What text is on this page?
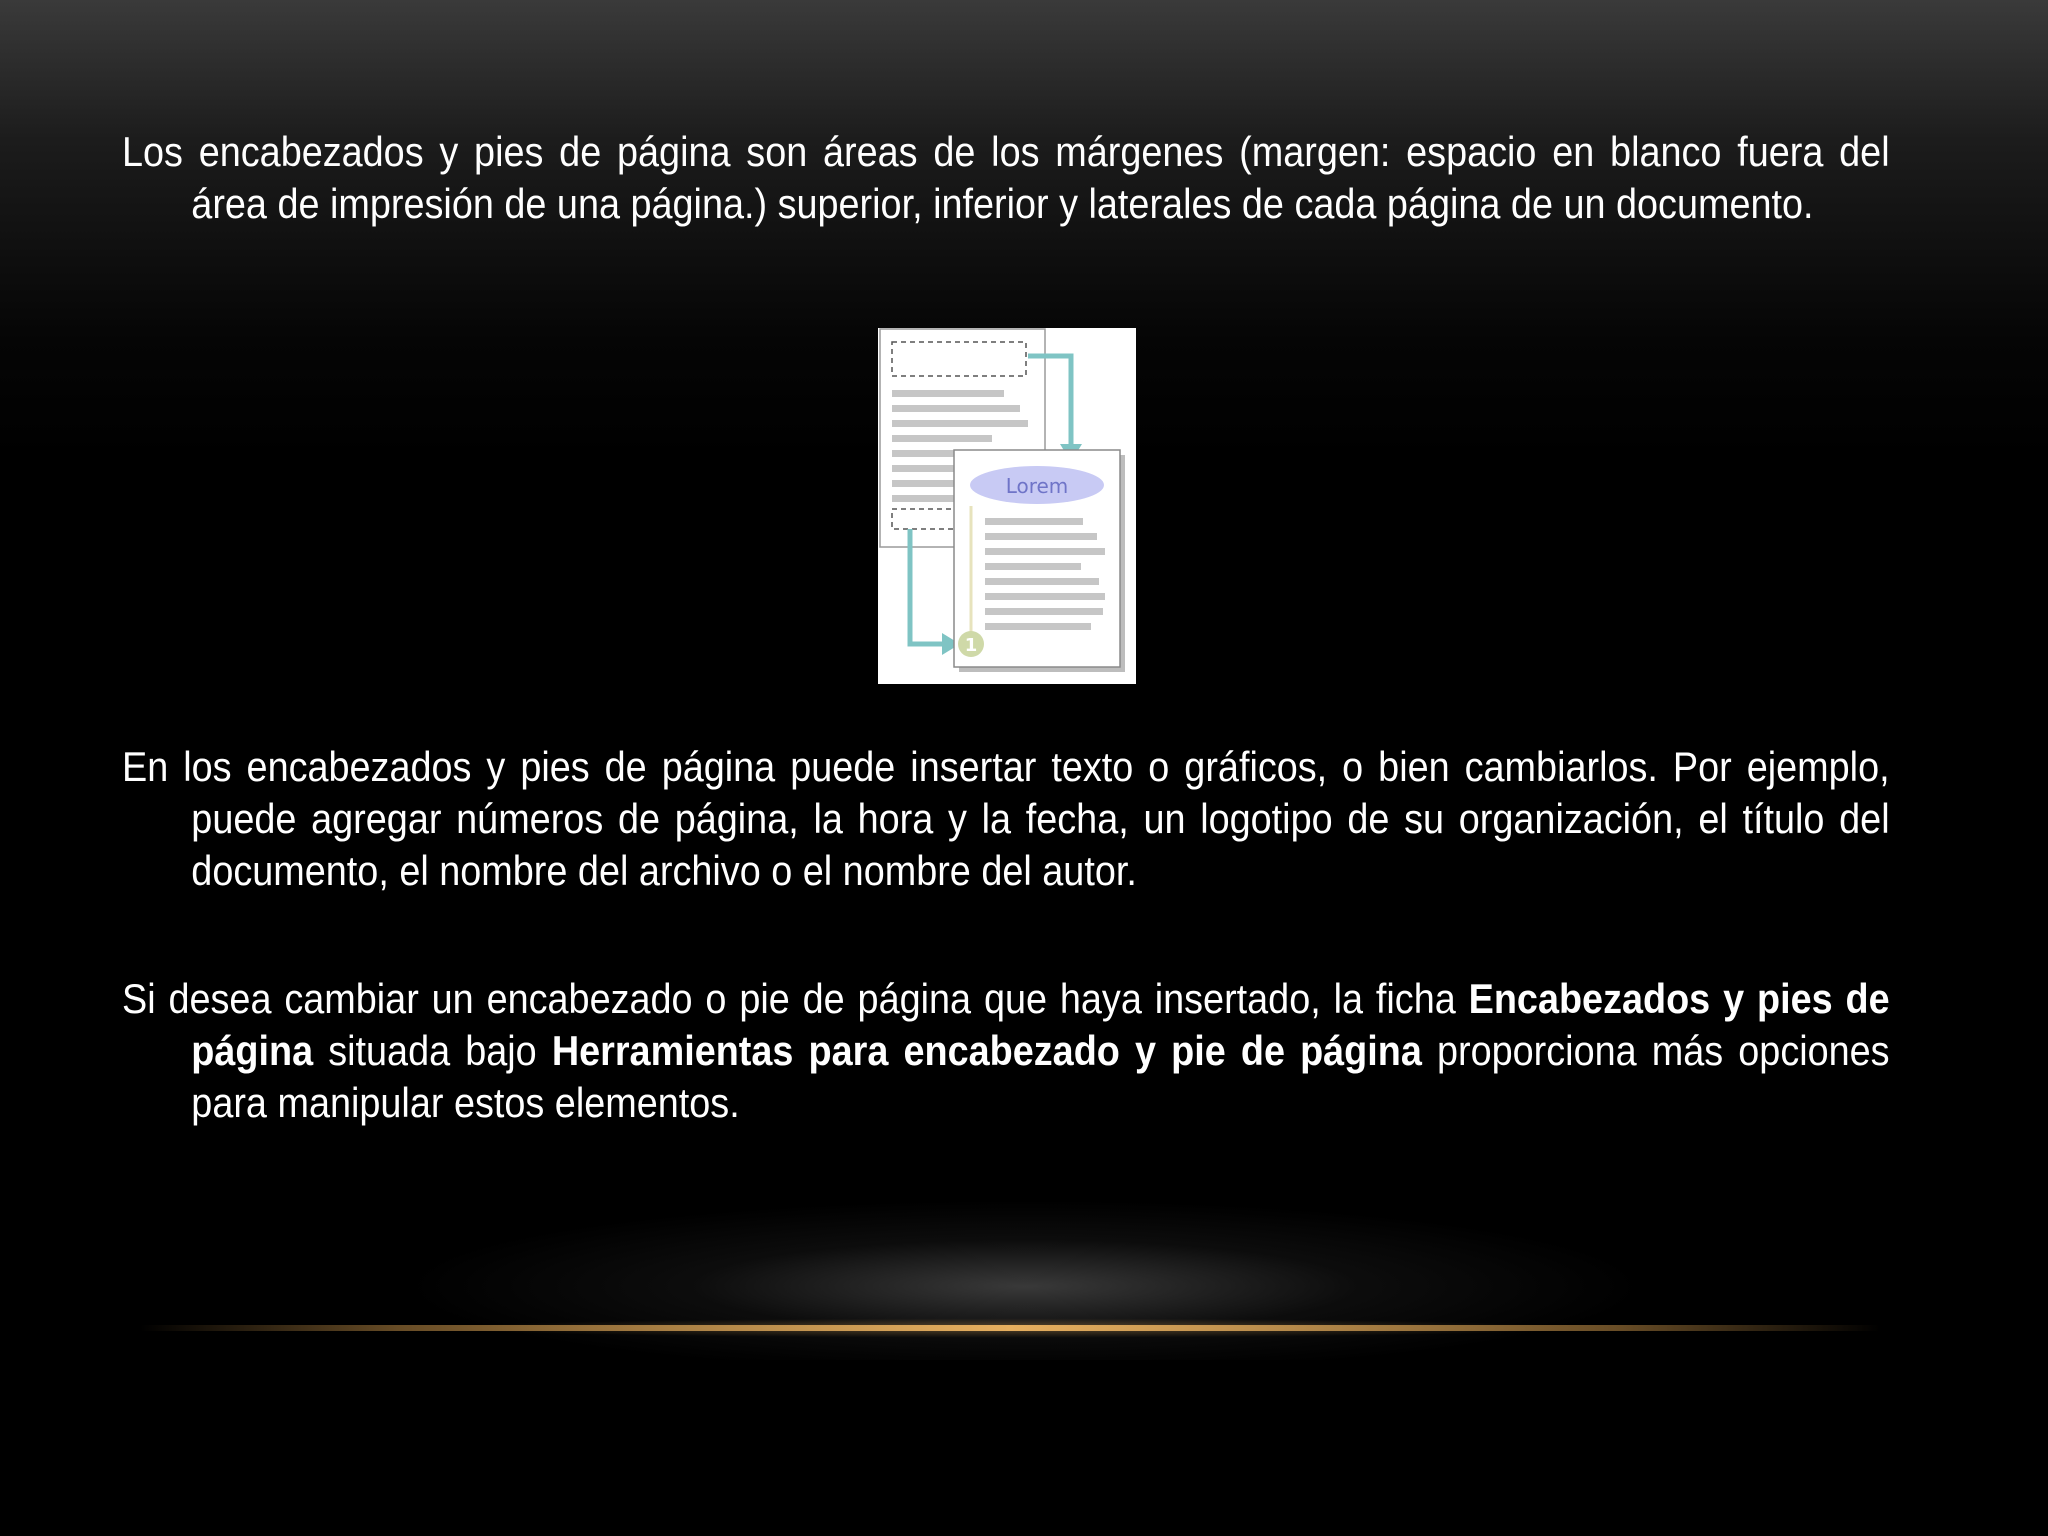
Los encabezados y pies de página son áreas de los márgenes (margen: espacio en blanco fuera del área de impresión de una página.) superior, inferior y laterales de cada página de un documento.

Lorem
1

En los encabezados y pies de página puede insertar texto o gráficos, o bien cambiarlos. Por ejemplo, puede agregar números de página, la hora y la fecha, un logotipo de su organización, el título del documento, el nombre del archivo o el nombre del autor.

Si desea cambiar un encabezado o pie de página que haya insertado, la ficha Encabezados y pies de página situada bajo Herramientas para encabezado y pie de página proporciona más opciones para manipular estos elementos.
